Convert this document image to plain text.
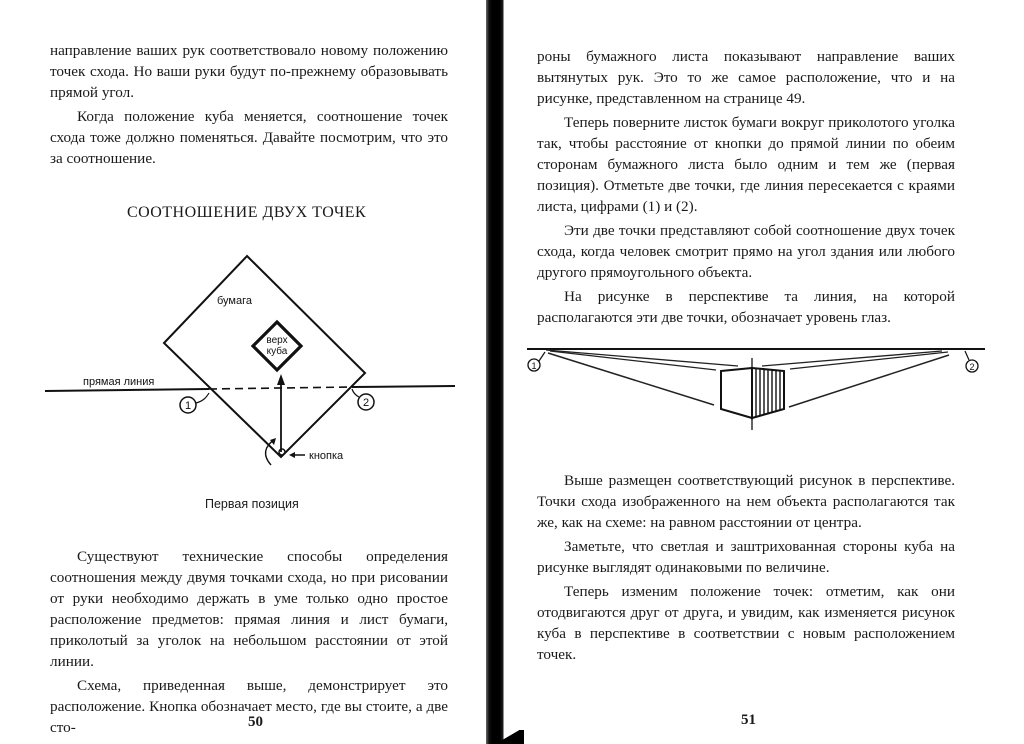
направление ваших рук соответствовало новому положению точек схода. Но ваши руки будут по-прежнему образовывать прямой угол.

Когда положение куба меняется, соотношение точек схода тоже должно поменяться. Давайте посмотрим, что это за соотношение.

СООТНОШЕНИЕ ДВУХ ТОЧЕК
1	2
бумага
верх
куба
прямая линия
кнопка
Первая позиция

Существуют технические способы определения соотношения между двумя точками схода, но при рисовании от руки необходимо держать в уме только одно простое расположение предметов: прямая линия и лист бумаги, приколотый за уголок на небольшом расстоянии от этой линии.

Схема, приведенная выше, демонстрирует это расположение. Кнопка обозначает место, где вы стоите, а две сто-	50

роны бумажного листа показывают направление ваших вытянутых рук. Это то же самое расположение, что и на рисунке, представленном на странице 49.

Теперь поверните листок бумаги вокруг приколотого уголка так, чтобы расстояние от кнопки до прямой линии по обеим сторонам бумажного листа было одним и тем же (первая позиция). Отметьте две точки, где линия пересекается с краями листа, цифрами (1) и (2).

Эти две точки представляют собой соотношение двух точек схода, когда человек смотрит прямо на угол здания или любого другого прямоугольного объекта.

На рисунке в перспективе та линия, на которой располагаются эти две точки, обозначает уровень глаз.

1	2

Выше размещен соответствующий рисунок в перспективе. Точки схода изображенного на нем объекта располагаются так же, как на схеме: на равном расстоянии от центра.

Заметьте, что светлая и заштрихованная стороны куба на рисунке выглядят одинаковыми по величине.

Теперь изменим положение точек: отметим, как они отодвигаются друг от друга, и увидим, как изменяется рисунок куба в перспективе в соответствии с новым расположением точек.

51
